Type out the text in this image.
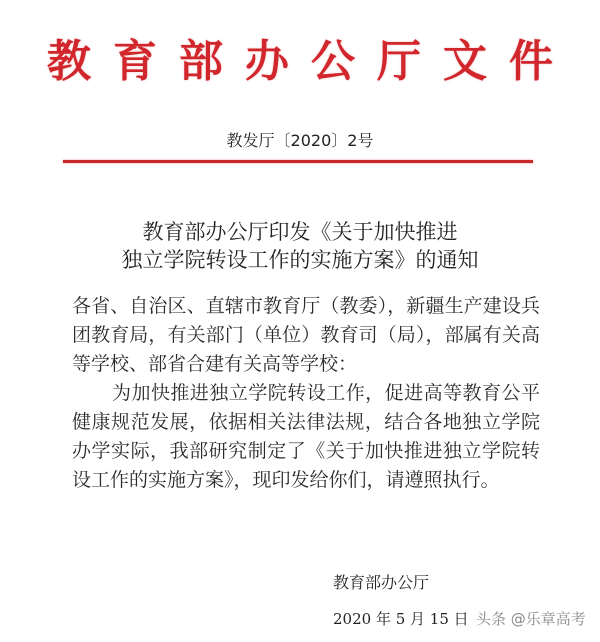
教育部办公厅文件
教发厅〔2020〕2号
教育部办公厅印发《关于加快推进
独立学院转设工作的实施方案》的通知

各省、自治区、直辖市教育厅（教委），新疆生产建设兵团教育局，有关部门（单位）教育司（局），部属有关高等学校、部省合建有关高等学校：

为加快推进独立学院转设工作，促进高等教育公平健康规范发展，依据相关法律法规，结合各地独立学院办学实际，我部研究制定了《关于加快推进独立学院转设工作的实施方案》，现印发给你们，请遵照执行。

教育部办公厅
2020 年 5 月 15 日 头条 @乐章高考
